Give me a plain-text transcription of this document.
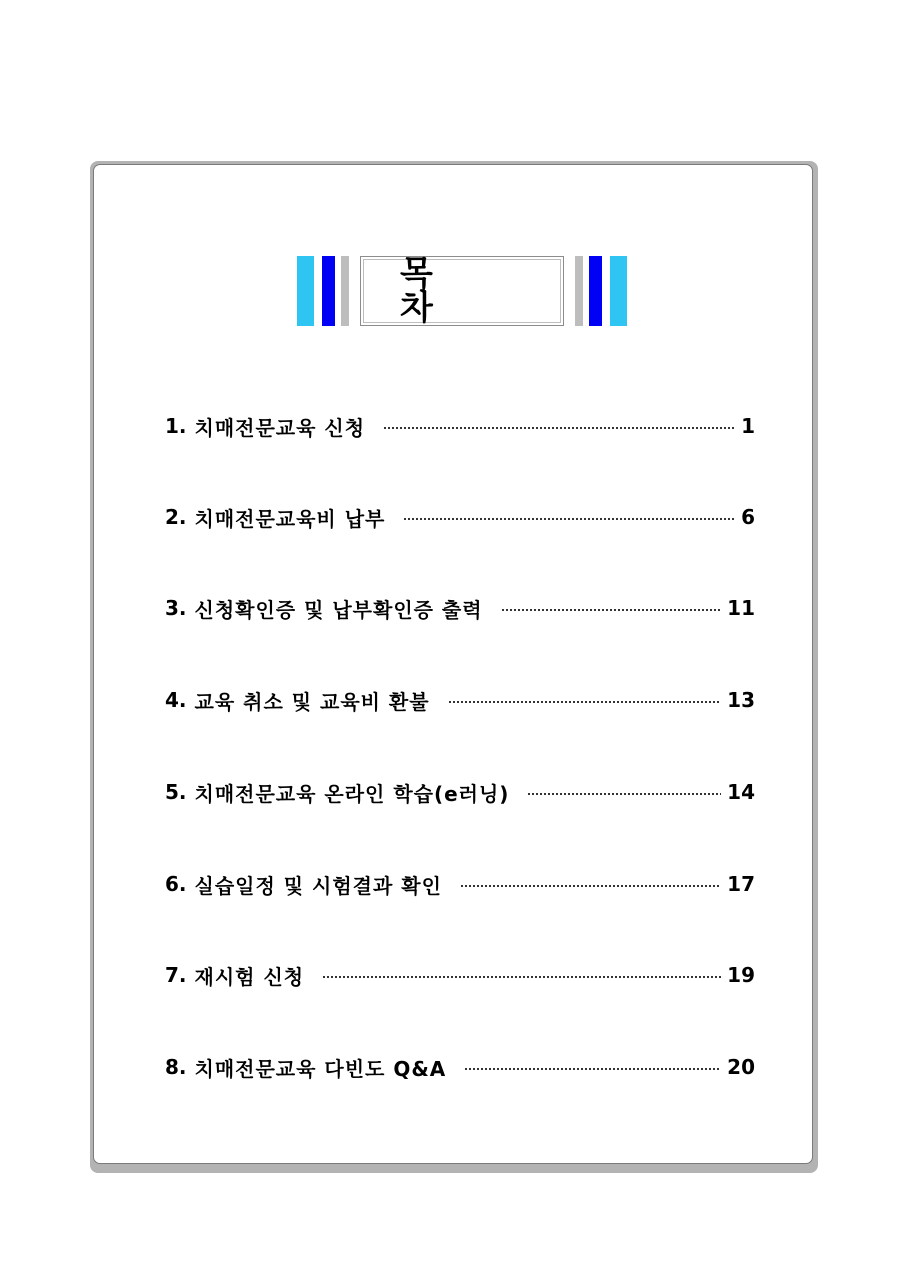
목 차
1. 치매전문교육 신청	1
2. 치매전문교육비 납부	6
3. 신청확인증 및 납부확인증 출력	11
4. 교육 취소 및 교육비 환불	13
5. 치매전문교육 온라인 학습(e러닝)	14
6. 실습일정 및 시험결과 확인	17
7. 재시험 신청	19
8. 치매전문교육 다빈도 Q&A	20
